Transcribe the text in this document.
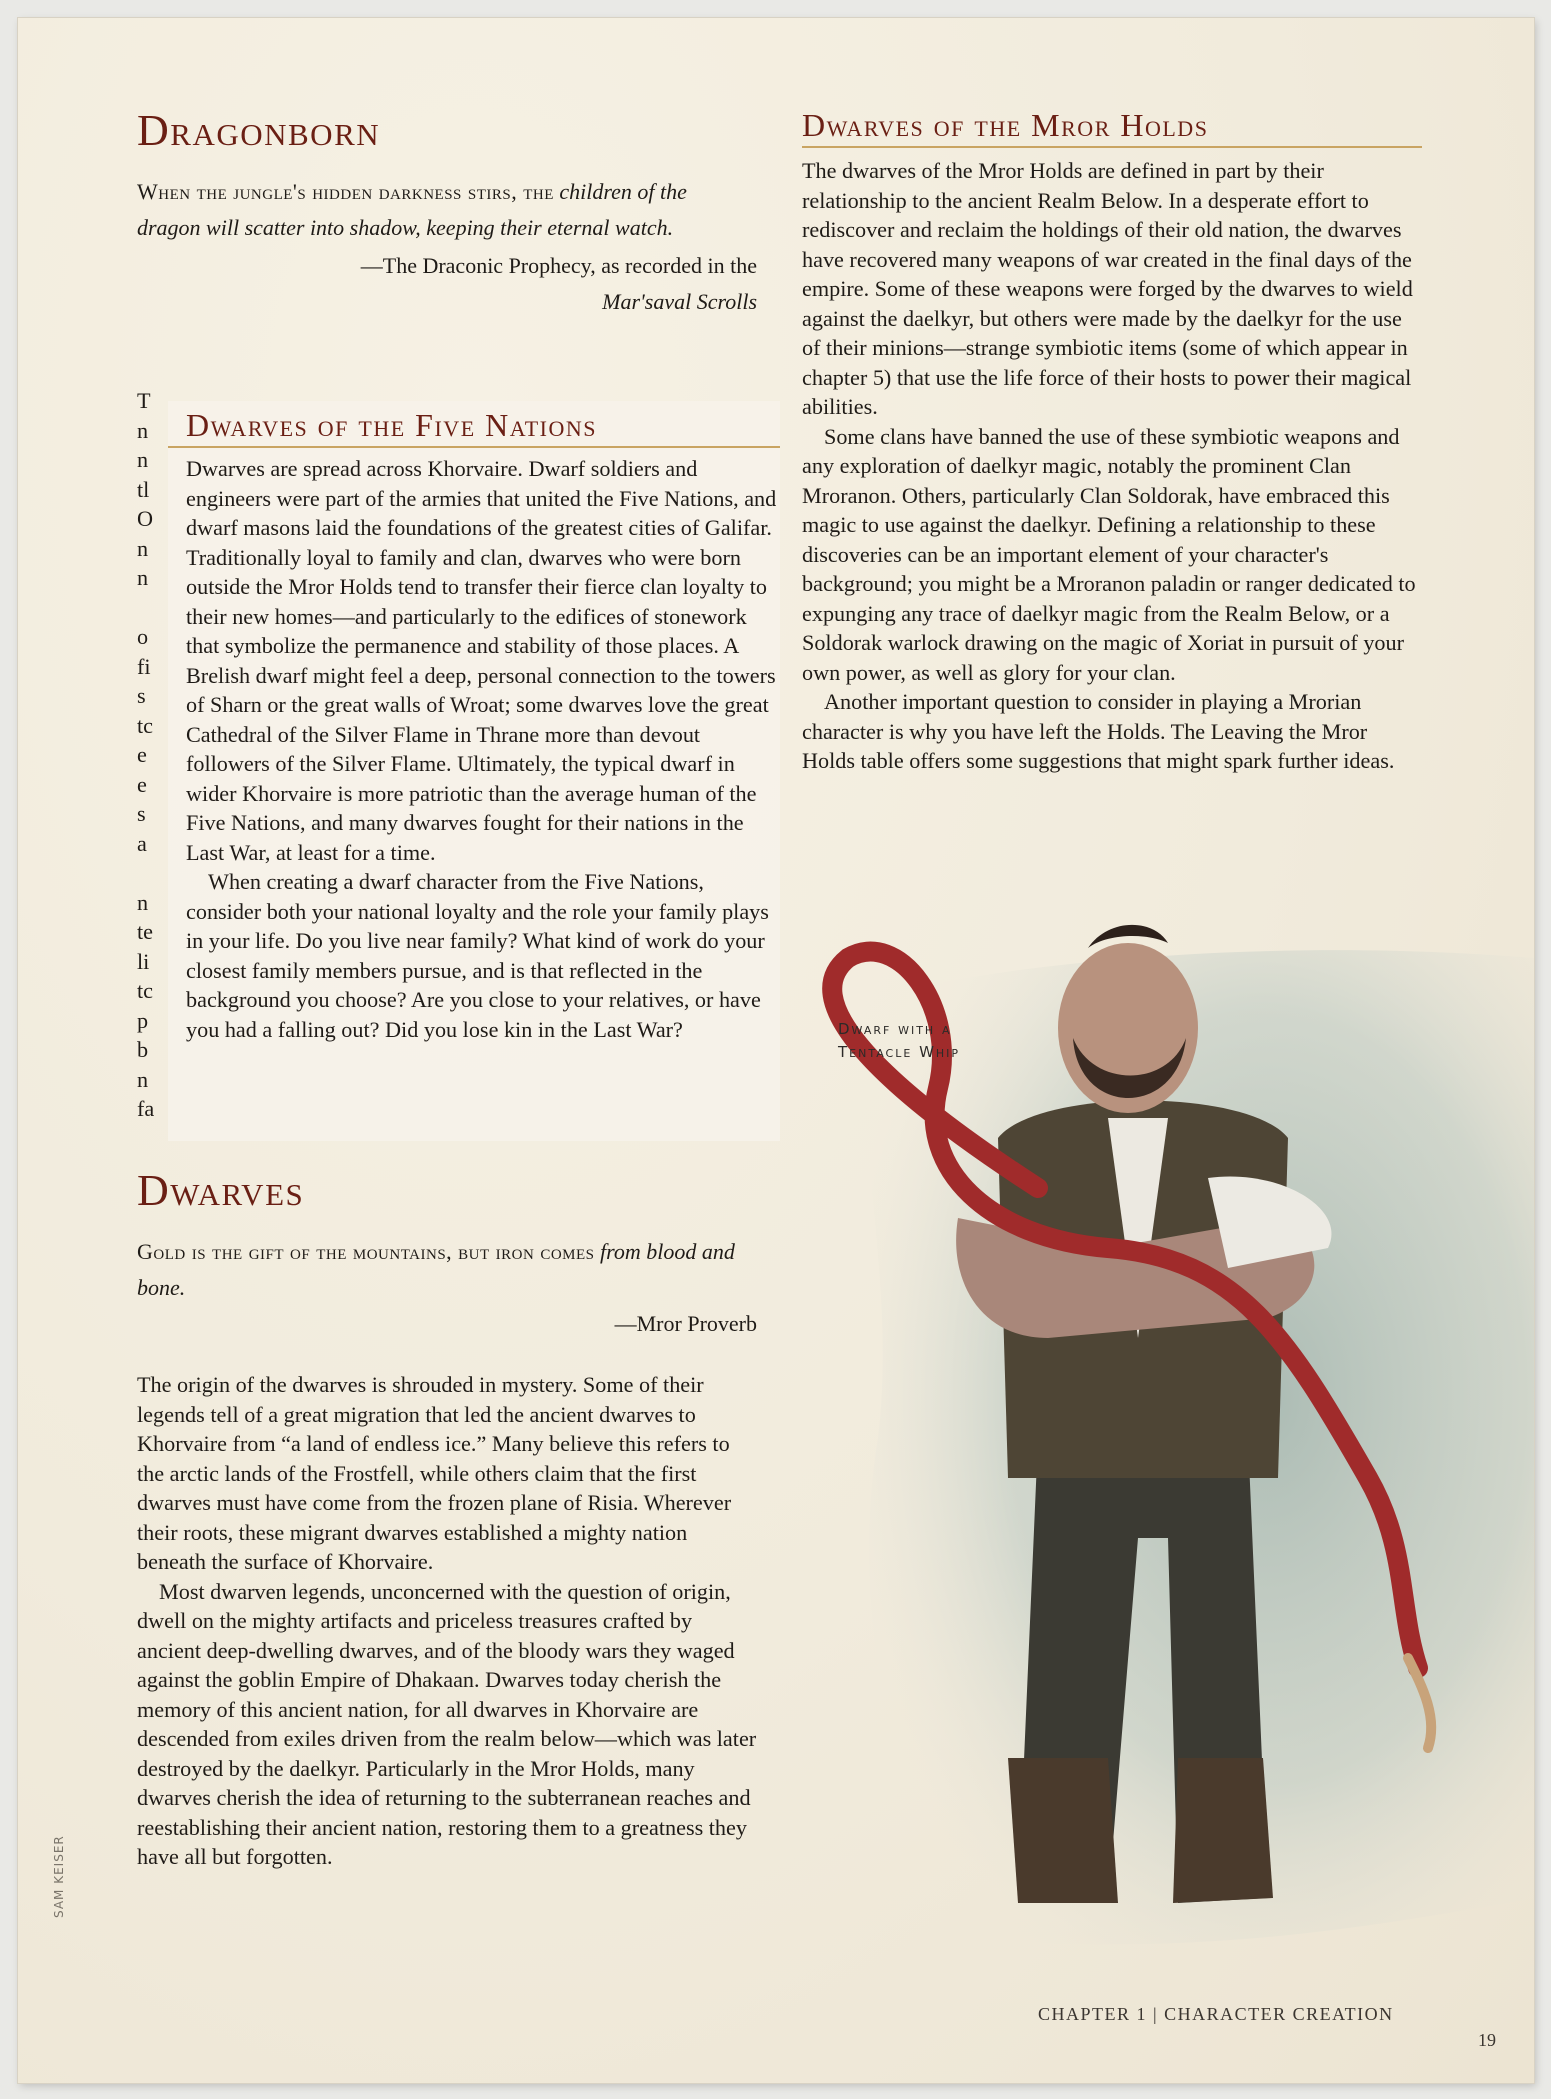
Dragonborn
When the jungle's hidden darkness stirs, the children of the dragon will scatter into shadow, keeping their eternal watch.
—The Draconic Prophecy, as recorded in the
Mar'saval Scrolls
T
n
n
tl
O
n
n

o
fi
s
tc
e
e
s
a

n
te
li
tc
p
b
n
fa
Dwarves of the Five Nations

Dwarves are spread across Khorvaire. Dwarf soldiers and engineers were part of the armies that united the Five Nations, and dwarf masons laid the foundations of the greatest cities of Galifar. Traditionally loyal to family and clan, dwarves who were born outside the Mror Holds tend to transfer their fierce clan loyalty to their new homes—and particularly to the edifices of stonework that symbolize the permanence and stability of those places. A Brelish dwarf might feel a deep, personal connection to the towers of Sharn or the great walls of Wroat; some dwarves love the great Cathedral of the Silver Flame in Thrane more than devout followers of the Silver Flame. Ultimately, the typical dwarf in wider Khorvaire is more patriotic than the average human of the Five Nations, and many dwarves fought for their nations in the Last War, at least for a time.

When creating a dwarf character from the Five Nations, consider both your national loyalty and the role your family plays in your life. Do you live near family? What kind of work do your closest family members pursue, and is that reflected in the background you choose? Are you close to your relatives, or have you had a falling out? Did you lose kin in the Last War?

Dwarves
Gold is the gift of the mountains, but iron comes from blood and bone.
—Mror Proverb

The origin of the dwarves is shrouded in mystery. Some of their legends tell of a great migration that led the ancient dwarves to Khorvaire from “a land of endless ice.” Many believe this refers to the arctic lands of the Frostfell, while others claim that the first dwarves must have come from the frozen plane of Risia. Wherever their roots, these migrant dwarves established a mighty nation beneath the surface of Khorvaire.

Most dwarven legends, unconcerned with the question of origin, dwell on the mighty artifacts and priceless treasures crafted by ancient deep-dwelling dwarves, and of the bloody wars they waged against the goblin Empire of Dhakaan. Dwarves today cherish the memory of this ancient nation, for all dwarves in Khorvaire are descended from exiles driven from the realm below—which was later destroyed by the daelkyr. Particularly in the Mror Holds, many dwarves cherish the idea of returning to the subterranean reaches and reestablishing their ancient nation, restoring them to a greatness they have all but forgotten.

Dwarves of the Mror Holds

The dwarves of the Mror Holds are defined in part by their relationship to the ancient Realm Below. In a desperate effort to rediscover and reclaim the holdings of their old nation, the dwarves have recovered many weapons of war created in the final days of the empire. Some of these weapons were forged by the dwarves to wield against the daelkyr, but others were made by the daelkyr for the use of their minions—strange symbiotic items (some of which appear in chapter 5) that use the life force of their hosts to power their magical abilities.

Some clans have banned the use of these symbiotic weapons and any exploration of daelkyr magic, notably the prominent Clan Mroranon. Others, particularly Clan Soldorak, have embraced this magic to use against the daelkyr. Defining a relationship to these discoveries can be an important element of your character's background; you might be a Mroranon paladin or ranger dedicated to expunging any trace of daelkyr magic from the Realm Below, or a Soldorak warlock drawing on the magic of Xoriat in pursuit of your own power, as well as glory for your clan.

Another important question to consider in playing a Mrorian character is why you have left the Holds. The Leaving the Mror Holds table offers some suggestions that might spark further ideas.

Dwarf with a
Tentacle Whip
SAM KEISER
CHAPTER 1 | CHARACTER CREATION
19
